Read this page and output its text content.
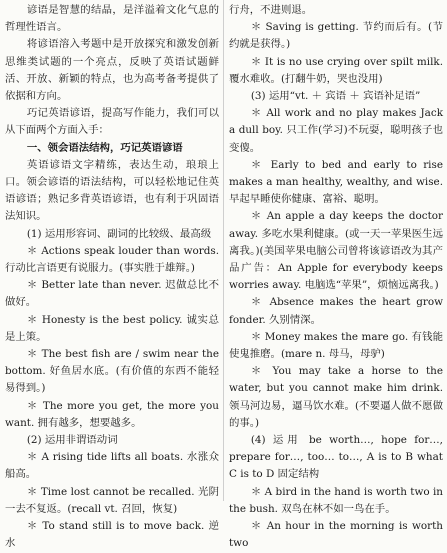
谚语是智慧的结晶，是洋溢着文化气息的哲理性语言。

将谚语溶入考题中是开放探究和激发创新思维类试题的一个亮点，反映了英语试题鲜活、开放、新颖的特点，也为高考备考提供了依据和方向。

巧记英语谚语，提高写作能力，我们可以从下面两个方面入手：

一、领会语法结构，巧记英语谚语

英语谚语文字精练，表达生动，琅琅上口。领会谚语的语法结构，可以轻松地记住英语谚语；熟记多背英语谚语，也有利于巩固语法知识。

(1) 运用形容词、副词的比较级、最高级

＊ Actions speak louder than words. 行动比言语更有说服力。(事实胜于雄辩。)

＊ Better late than never. 迟做总比不做好。

＊ Honesty is the best policy. 诚实总是上策。

＊ The best fish are / swim near the bottom. 好鱼居水底。(有价值的东西不能轻易得到。)

＊ The more you get, the more you want. 拥有越多，想要越多。

(2) 运用非谓语动词

＊ A rising tide lifts all boats. 水涨众船高。

＊ Time lost cannot be recalled. 光阴一去不复返。(recall vt. 召回，恢复)

＊ To stand still is to move back. 逆水

行舟，不进则退。

＊ Saving is getting. 节约而后有。(节约就是获得。)

＊ It is no use crying over spilt milk. 覆水难收。(打翻牛奶，哭也没用)

(3) 运用“vt. ＋ 宾语 ＋ 宾语补足语”

＊ All work and no play makes Jack a dull boy. 只工作(学习)不玩耍，聪明孩子也变傻。

＊ Early to bed and early to rise makes a man healthy, wealthy, and wise. 早起早睡使你健康、富裕、聪明。

＊ An apple a day keeps the doctor away. 多吃水果利健康。(或一天一苹果医生远离我。)(美国苹果电脑公司曾将该谚语改为其产品广告：An Apple for everybody keeps worries away. 电脑选“苹果”，烦恼远离我。)

＊ Absence makes the heart grow fonder. 久别情深。

＊ Money makes the mare go. 有钱能使鬼推磨。(mare n. 母马，母驴)

＊ You may take a horse to the water, but you cannot make him drink. 领马河边易，逼马饮水难。(不要逼人做不愿做的事。)

(4) 运用 be worth…, hope for…, prepare for…, too… to…, A is to B what C is to D 固定结构

＊ A bird in the hand is worth two in the bush. 双鸟在林不如一鸟在手。

＊ An hour in the morning is worth two
